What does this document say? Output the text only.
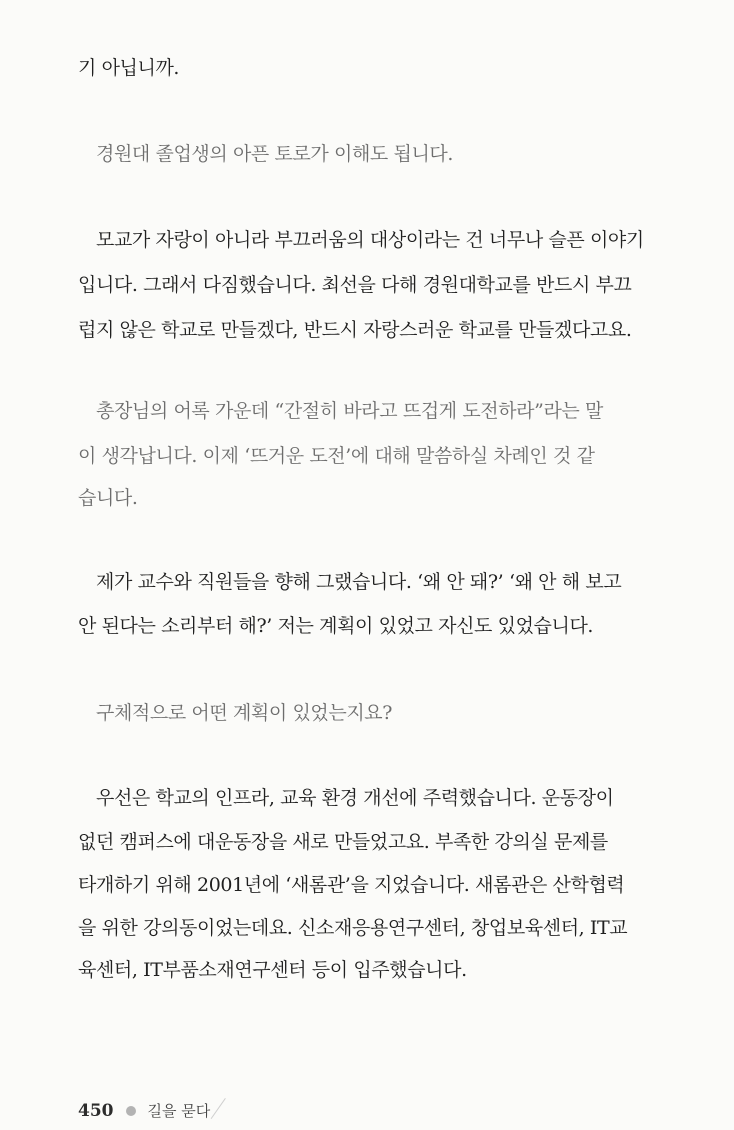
기 아닙니까.
경원대 졸업생의 아픈 토로가 이해도 됩니다.
모교가 자랑이 아니라 부끄러움의 대상이라는 건 너무나 슬픈 이야기
입니다. 그래서 다짐했습니다. 최선을 다해 경원대학교를 반드시 부끄
럽지 않은 학교로 만들겠다, 반드시 자랑스러운 학교를 만들겠다고요.
총장님의 어록 가운데 “간절히 바라고 뜨겁게 도전하라”라는 말
이 생각납니다. 이제 ‘뜨거운 도전’에 대해 말씀하실 차례인 것 같
습니다.
제가 교수와 직원들을 향해 그랬습니다. ‘왜 안 돼?’ ‘왜 안 해 보고
안 된다는 소리부터 해?’ 저는 계획이 있었고 자신도 있었습니다.
구체적으로 어떤 계획이 있었는지요?
우선은 학교의 인프라, 교육 환경 개선에 주력했습니다. 운동장이
없던 캠퍼스에 대운동장을 새로 만들었고요. 부족한 강의실 문제를
타개하기 위해 2001년에 ‘새롬관’을 지었습니다. 새롬관은 산학협력
을 위한 강의동이었는데요. 신소재응용연구센터, 창업보육센터, IT교
육센터, IT부품소재연구센터 등이 입주했습니다.
450 길을 묻다
